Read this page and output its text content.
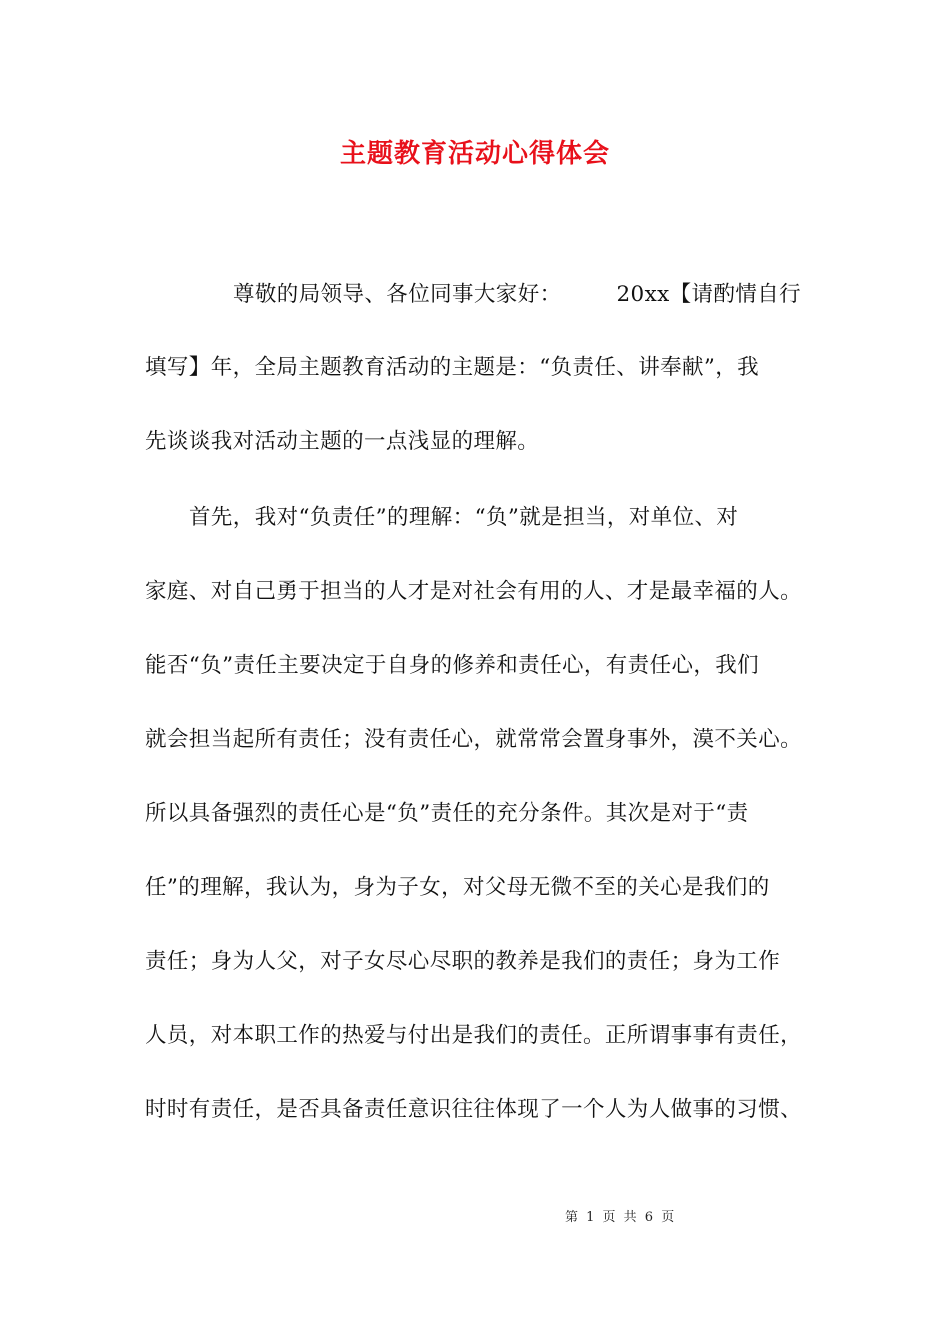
主题教育活动心得体会
尊敬的局领导、各位同事大家好：　　　20xx【请酌情自行
填写】年，全局主题教育活动的主题是：“负责任、讲奉献”，我
先谈谈我对活动主题的一点浅显的理解。
首先，我对“负责任”的理解：“负”就是担当，对单位、对
家庭、对自己勇于担当的人才是对社会有用的人、才是最幸福的人。
能否“负”责任主要决定于自身的修养和责任心，有责任心，我们
就会担当起所有责任；没有责任心，就常常会置身事外，漠不关心。
所以具备强烈的责任心是“负”责任的充分条件。其次是对于“责
任”的理解，我认为，身为子女，对父母无微不至的关心是我们的
责任；身为人父，对子女尽心尽职的教养是我们的责任；身为工作
人员，对本职工作的热爱与付出是我们的责任。正所谓事事有责任，
时时有责任，是否具备责任意识往往体现了一个人为人做事的习惯、
第 1 页 共 6 页
